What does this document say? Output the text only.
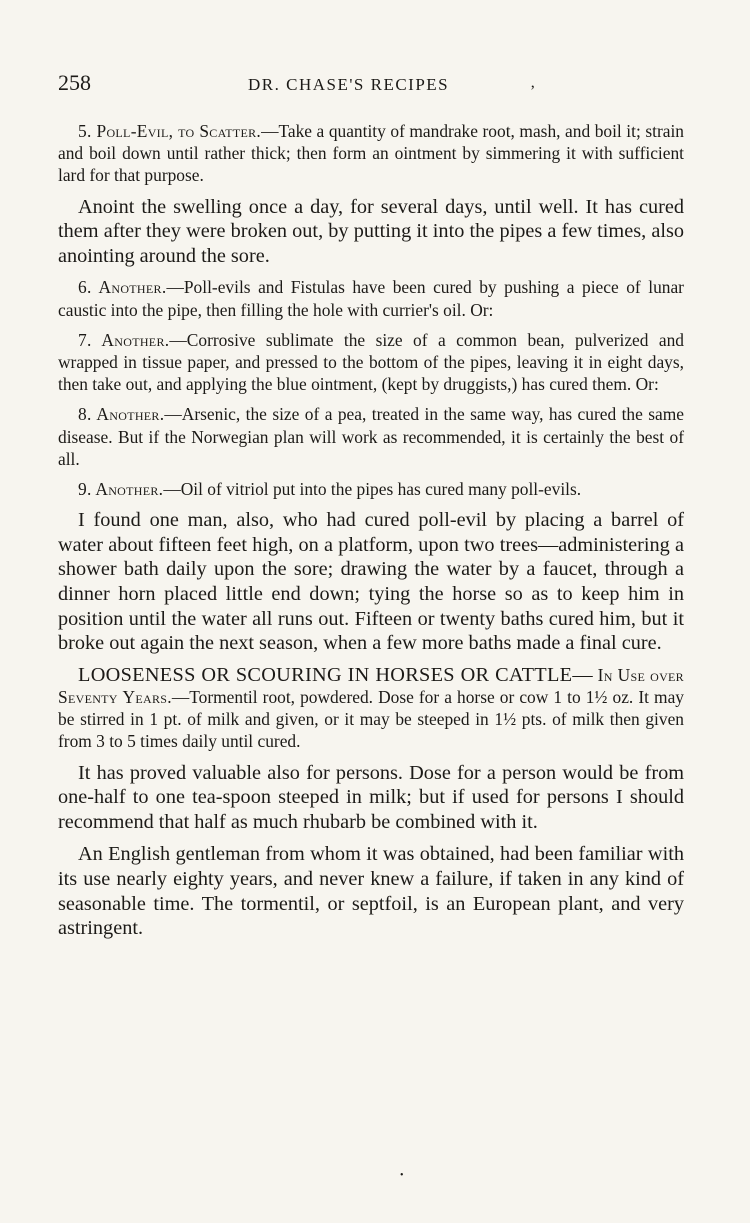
258	DR. CHASE'S RECIPES	‚

5. Poll-Evil, to Scatter.—Take a quantity of mandrake root, mash, and boil it; strain and boil down until rather thick; then form an ointment by simmering it with sufficient lard for that purpose.

Anoint the swelling once a day, for several days, until well. It has cured them after they were broken out, by putting it into the pipes a few times, also anointing around the sore.

6. Another.—Poll-evils and Fistulas have been cured by pushing a piece of lunar caustic into the pipe, then filling the hole with currier's oil. Or:

7. Another.—Corrosive sublimate the size of a common bean, pulverized and wrapped in tissue paper, and pressed to the bottom of the pipes, leaving it in eight days, then take out, and applying the blue ointment, (kept by druggists,) has cured them. Or:

8. Another.—Arsenic, the size of a pea, treated in the same way, has cured the same disease. But if the Norwegian plan will work as recommended, it is certainly the best of all.

9. Another.—Oil of vitriol put into the pipes has cured many poll-evils.

I found one man, also, who had cured poll-evil by placing a barrel of water about fifteen feet high, on a platform, upon two trees—administering a shower bath daily upon the sore; drawing the water by a faucet, through a dinner horn placed little end down; tying the horse so as to keep him in position until the water all runs out. Fifteen or twenty baths cured him, but it broke out again the next season, when a few more baths made a final cure.

LOOSENESS OR SCOURING IN HORSES OR CATTLE— In Use over Seventy Years.—Tormentil root, powdered. Dose for a horse or cow 1 to 1½ oz. It may be stirred in 1 pt. of milk and given, or it may be steeped in 1½ pts. of milk then given from 3 to 5 times daily until cured.

It has proved valuable also for persons. Dose for a person would be from one-half to one tea-spoon steeped in milk; but if used for persons I should recommend that half as much rhubarb be combined with it.

An English gentleman from whom it was obtained, had been familiar with its use nearly eighty years, and never knew a failure, if taken in any kind of seasonable time. The tormentil, or septfoil, is an European plant, and very astringent.

•
